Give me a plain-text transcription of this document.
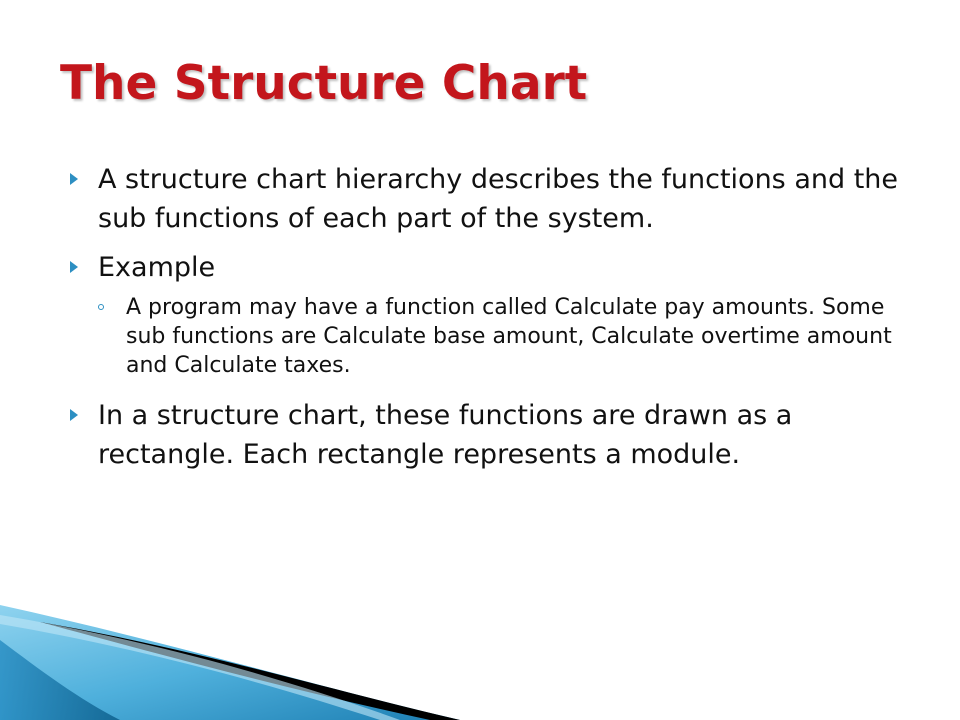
The Structure Chart
A structure chart hierarchy describes the functions and the sub functions of each part of the system.
Example
A program may have a function called Calculate pay amounts. Some sub functions are Calculate base amount, Calculate overtime amount and Calculate taxes.
In a structure chart, these functions are drawn as a rectangle. Each rectangle represents a module.
